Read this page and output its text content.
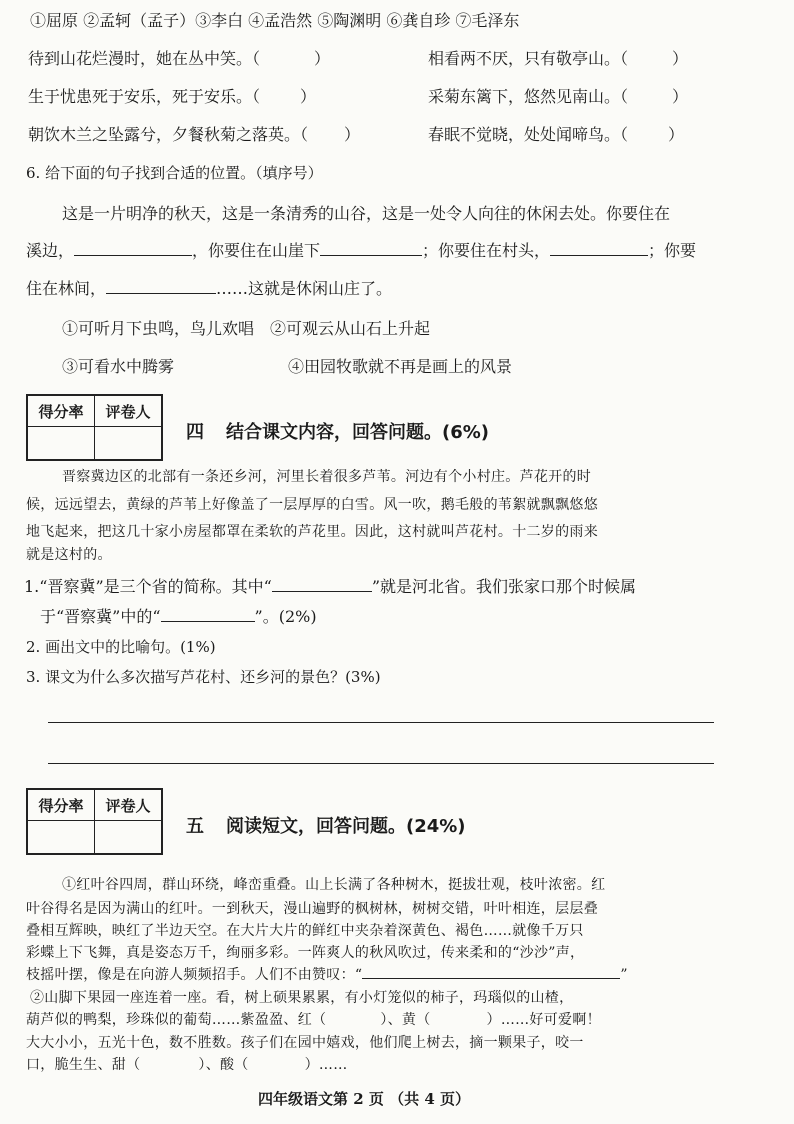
①屈原 ②孟轲（孟子）③李白 ④孟浩然 ⑤陶渊明 ⑥龚自珍 ⑦毛泽东
待到山花烂漫时，她在丛中笑。（	）	相看两不厌，只有敬亭山。（	）
生于忧患死于安乐，死于安乐。（	）	采菊东篱下，悠然见南山。（	）
朝饮木兰之坠露兮，夕餐秋菊之落英。（ ）	春眠不觉晓，处处闻啼鸟。（	）
6. 给下面的句子找到合适的位置。（填序号）
这是一片明净的秋天，这是一条清秀的山谷，这是一处令人向往的休闲去处。你要住在
溪边，	，你要住在山崖下	；你要住在村头，	；你要
住在林间，	……这就是休闲山庄了。
①可听月下虫鸣，鸟儿欢唱　②可观云从山石上升起
③可看水中腾雾	④田园牧歌就不再是画上的风景
得分率	评卷人

四 结合课文内容，回答问题。(6%)
晋察冀边区的北部有一条还乡河，河里长着很多芦苇。河边有个小村庄。芦花开的时
候，远远望去，黄绿的芦苇上好像盖了一层厚厚的白雪。风一吹，鹅毛般的苇絮就飘飘悠悠
地飞起来，把这几十家小房屋都罩在柔软的芦花里。因此，这村就叫芦花村。十二岁的雨来
就是这村的。
1.“晋察冀”是三个省的简称。其中“	”就是河北省。我们张家口那个时候属
于“晋察冀”中的“	”。(2%)
2. 画出文中的比喻句。(1%)
3. 课文为什么多次描写芦花村、还乡河的景色？(3%)
得分率	评卷人

五 阅读短文，回答问题。(24%)
①红叶谷四周，群山环绕，峰峦重叠。山上长满了各种树木，挺拔壮观，枝叶浓密。红
叶谷得名是因为满山的红叶。一到秋天，漫山遍野的枫树林，树树交错，叶叶相连，层层叠
叠相互辉映，映红了半边天空。在大片大片的鲜红中夹杂着深黄色、褐色……就像千万只
彩蝶上下飞舞，真是姿态万千，绚丽多彩。一阵爽人的秋风吹过，传来柔和的“沙沙”声，
枝摇叶摆，像是在向游人频频招手。人们不由赞叹：“	”
②山脚下果园一座连着一座。看，树上硕果累累，有小灯笼似的柿子，玛瑙似的山楂，
葫芦似的鸭梨，珍珠似的葡萄……紫盈盈、红（	）、黄（	）……好可爱啊！
大大小小，五光十色，数不胜数。孩子们在园中嬉戏，他们爬上树去，摘一颗果子，咬一
口，脆生生、甜（	）、酸（	）……
四年级语文第 2 页 （共 4 页）
